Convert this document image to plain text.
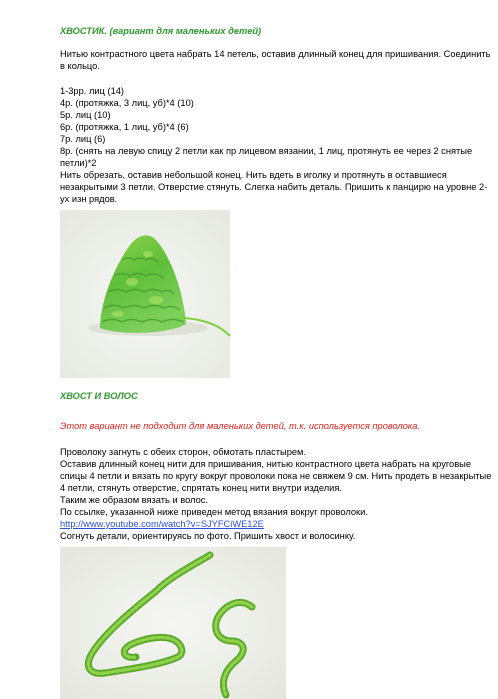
ХВОСТИК. (вариант для маленьких детей)
Нитью контрастного цвета набрать 14 петель, оставив длинный конец для пришивания. Соединить
в кольцо.
1-3рр. лиц (14)
4р. (протяжка, 3 лиц, уб)*4 (10)
5р. лиц (10)
6р. (протяжка, 1 лиц, уб)*4 (6)
7р. лиц (6)
8р. (снять на левую спицу 2 петли как пр лицевом вязании, 1 лиц, протянуть ее через 2 снятые
петли)*2
Нить обрезать, оставив небольшой конец. Нить вдеть в иголку и протянуть в оставшиеся
незакрытыми 3 петли. Отверстие стянуть. Слегка набить деталь. Пришить к панцирю на уровне 2-
ух изн рядов.
ХВОСТ И ВОЛОС
Этот вариант не подходит для маленьких детей, т.к. используется проволока.
Проволоку загнуть с обеих сторон, обмотать пластырем.
Оставив длинный конец нити для пришивания, нитью контрастного цвета набрать на круговые
спицы 4 петли и вязать по кругу вокруг проволоки пока не свяжем 9 см. Нить продеть в незакрытые
4 петли, стянуть отверстие, спрятать конец нити внутри изделия.
Таким же образом вязать и волос.
По ссылке, указанной ниже приведен метод вязания вокруг проволоки.
http://www.youtube.com/watch?v=SJYFCiWE12E
Согнуть детали, ориентируясь по фото. Пришить хвост и волосинку.
